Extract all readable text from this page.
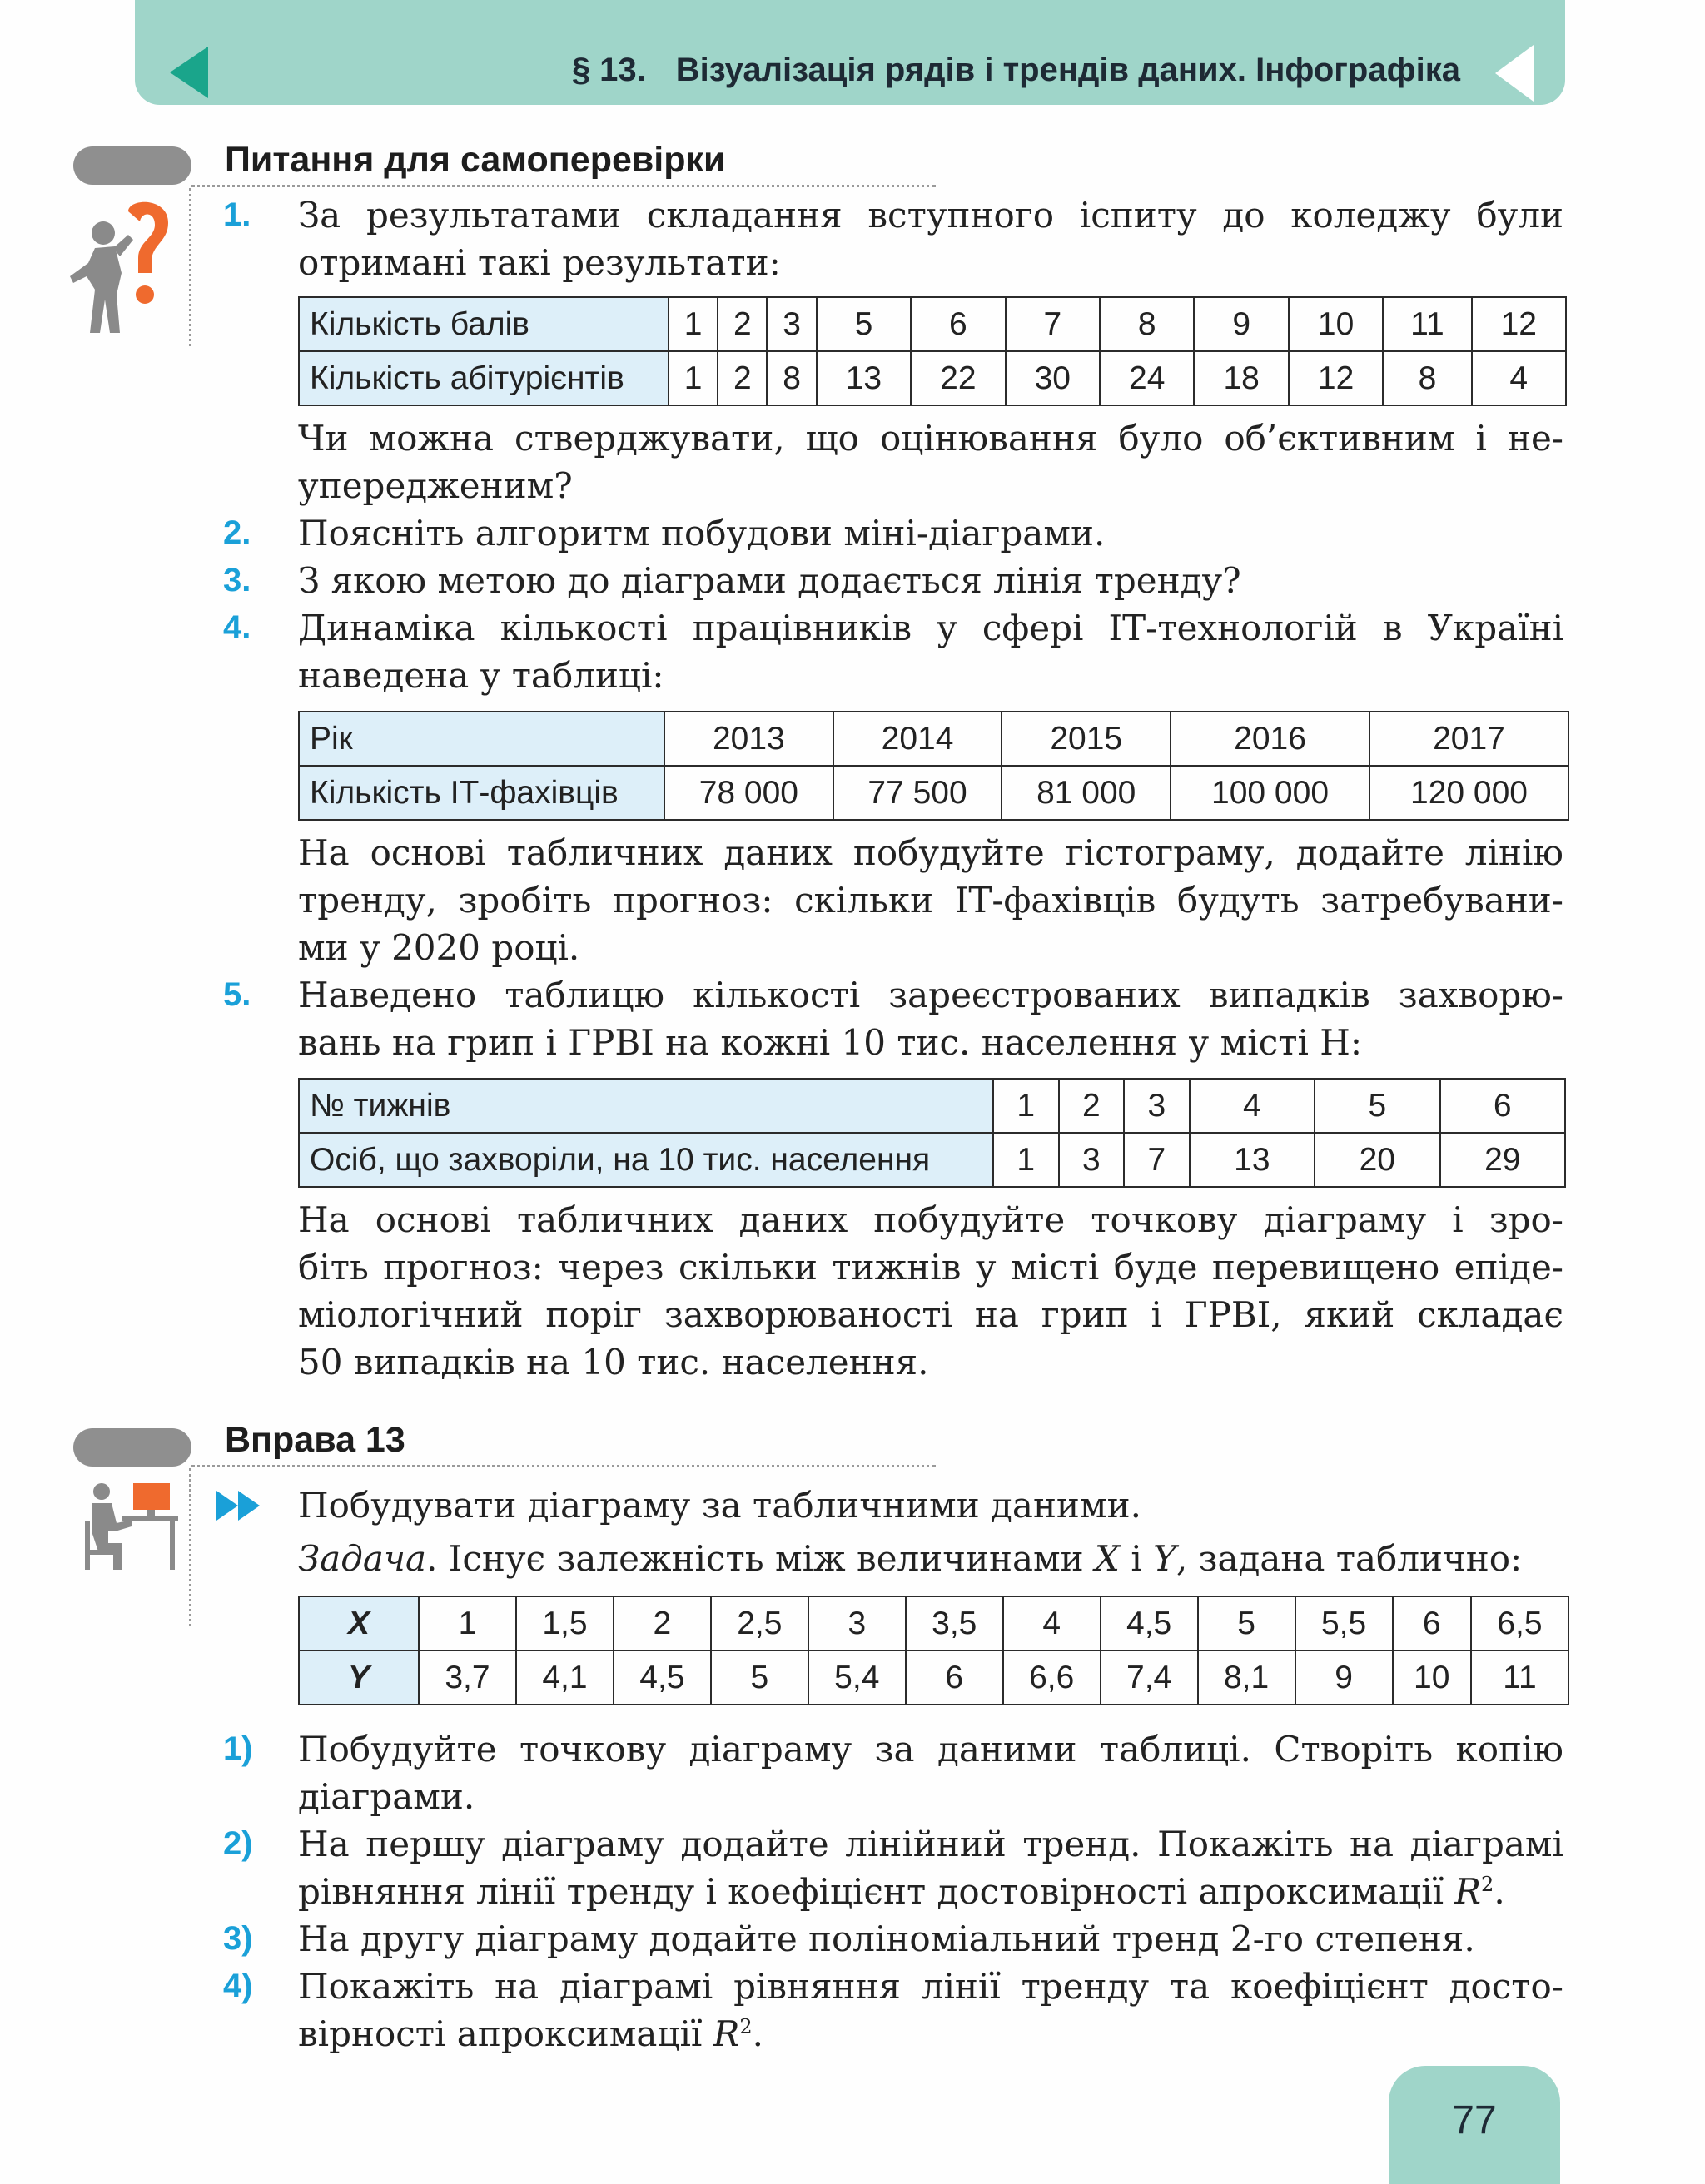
§ 13. Візуалізація рядів і трендів даних. Інфографіка
Питання для самоперевірки
1. За результатами складання вступного іспиту до коледжу були
отримані такі результати:
Кількість балів	1	2	3	5	6	7	8	9	10	11	12
Кількість абітурієнтів	1	2	8	13	22	30	24	18	12	8	4
Чи можна стверджувати, що оцінювання було об’єктивним і не-
упередженим?
2. Поясніть алгоритм побудови міні-діаграми.
3. З якою метою до діаграми додається лінія тренду?
4. Динаміка кількості працівників у сфері ІТ-технологій в Україні
наведена у таблиці:
Рік	2013	2014	2015	2016	2017
Кількість ІТ-фахівців	78 000	77 500	81 000	100 000	120 000
На основі табличних даних побудуйте гістограму, додайте лінію
тренду, зробіть прогноз: скільки ІТ-фахівців будуть затребувани-
ми у 2020 році.
5. Наведено таблицю кількості зареєстрованих випадків захворю-
вань на грип і ГРВІ на кожні 10 тис. населення у місті Н:
№ тижнів	1	2	3	4	5	6
Осіб, що захворіли, на 10 тис. населення	1	3	7	13	20	29
На основі табличних даних побудуйте точкову діаграму і зро-
біть прогноз: через скільки тижнів у місті буде перевищено епіде-
міологічний поріг захворюваності на грип і ГРВІ, який складає
50 випадків на 10 тис. населення.
Вправа 13
Побудувати діаграму за табличними даними.
Задача. Існує залежність між величинами X і Y, задана таблично:
X	1	1,5	2	2,5	3	3,5	4	4,5	5	5,5	6	6,5
Y	3,7	4,1	4,5	5	5,4	6	6,6	7,4	8,1	9	10	11
1) Побудуйте точкову діаграму за даними таблиці. Створіть копію
діаграми.
2) На першу діаграму додайте лінійний тренд. Покажіть на діаграмі
рівняння лінії тренду і коефіцієнт достовірності апроксимації $R^2$.
3) На другу діаграму додайте поліноміальний тренд 2-го степеня.
4) Покажіть на діаграмі рівняння лінії тренду та коефіцієнт досто-
вірності апроксимації $R^2$.
77
